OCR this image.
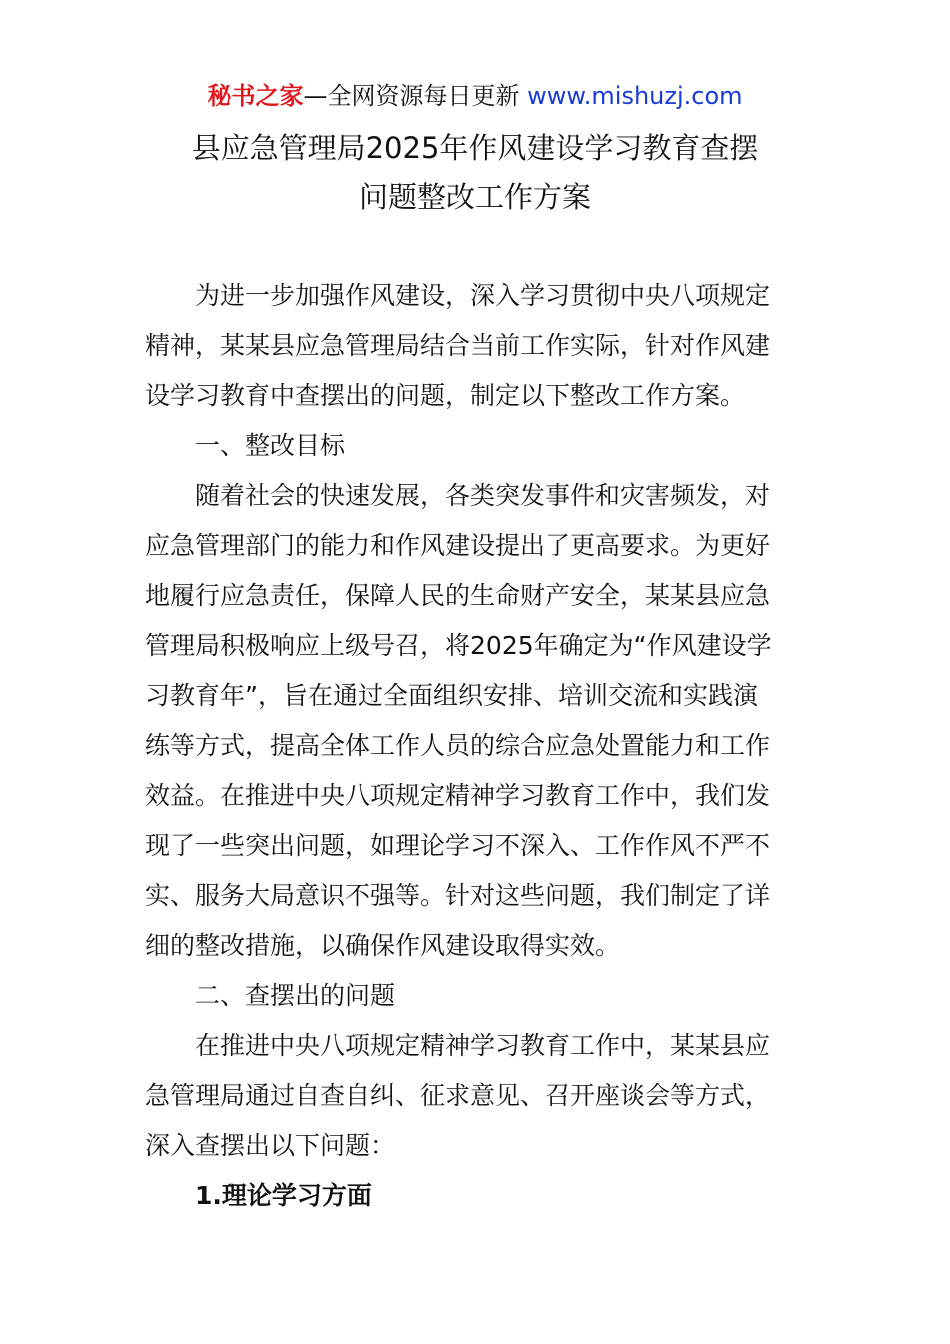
秘书之家—全网资源每日更新 www.mishuzj.com
县应急管理局2025年作风建设学习教育查摆
问题整改工作方案
为进一步加强作风建设，深入学习贯彻中央八项规定
精神，某某县应急管理局结合当前工作实际，针对作风建
设学习教育中查摆出的问题，制定以下整改工作方案。
一、整改目标
随着社会的快速发展，各类突发事件和灾害频发，对
应急管理部门的能力和作风建设提出了更高要求。为更好
地履行应急责任，保障人民的生命财产安全，某某县应急
管理局积极响应上级号召，将2025年确定为“作风建设学
习教育年”，旨在通过全面组织安排、培训交流和实践演
练等方式，提高全体工作人员的综合应急处置能力和工作
效益。在推进中央八项规定精神学习教育工作中，我们发
现了一些突出问题，如理论学习不深入、工作作风不严不
实、服务大局意识不强等。针对这些问题，我们制定了详
细的整改措施，以确保作风建设取得实效。
二、查摆出的问题
在推进中央八项规定精神学习教育工作中，某某县应
急管理局通过自查自纠、征求意见、召开座谈会等方式，
深入查摆出以下问题：
1.理论学习方面
